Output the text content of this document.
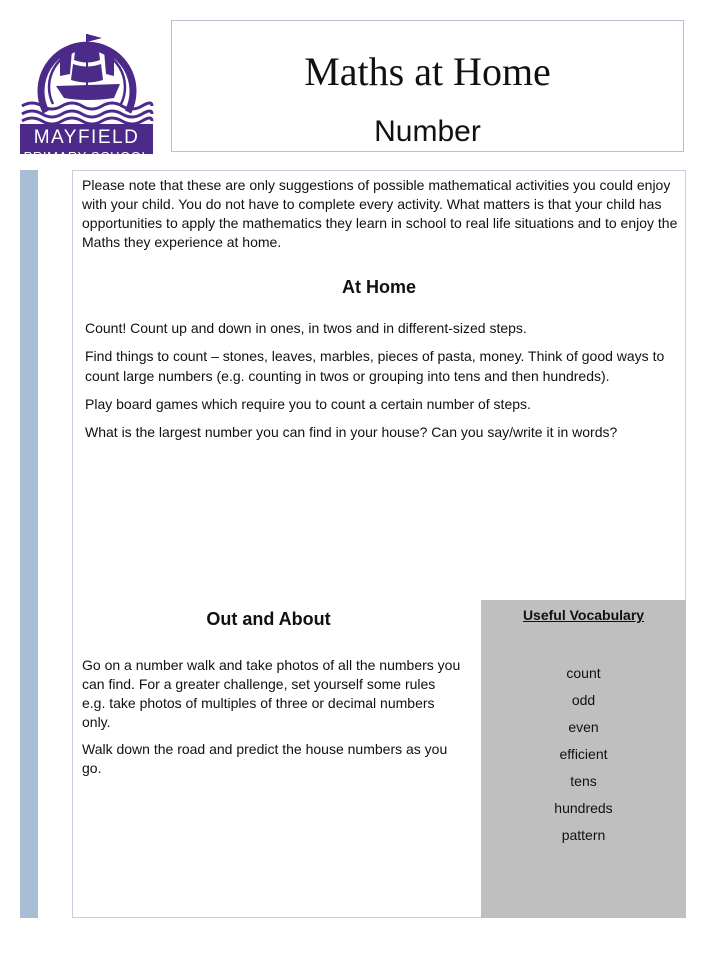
MAYFIELD
PRIMARY SCHOOL
Maths at Home
Number

Please note that these are only suggestions of possible mathematical activities you could enjoy with your child. You do not have to complete every activity. What matters is that your child has opportunities to apply the mathematics they learn in school to real life situations and to enjoy the Maths they experience at home.

At Home

Count! Count up and down in ones, in twos and in different-sized steps.

Find things to count – stones, leaves, marbles, pieces of pasta, money. Think of good ways to count large numbers (e.g. counting in twos or grouping into tens and then hundreds).

Play board games which require you to count a certain number of steps.

What is the largest number you can find in your house? Can you say/write it in words?

Out and About

Go on a number walk and take photos of all the numbers you can find. For a greater challenge, set yourself some rules e.g. take photos of multiples of three or decimal numbers only.

Walk down the road and predict the house numbers as you go.

Useful Vocabulary
count
odd
even
efficient
tens
hundreds
pattern
